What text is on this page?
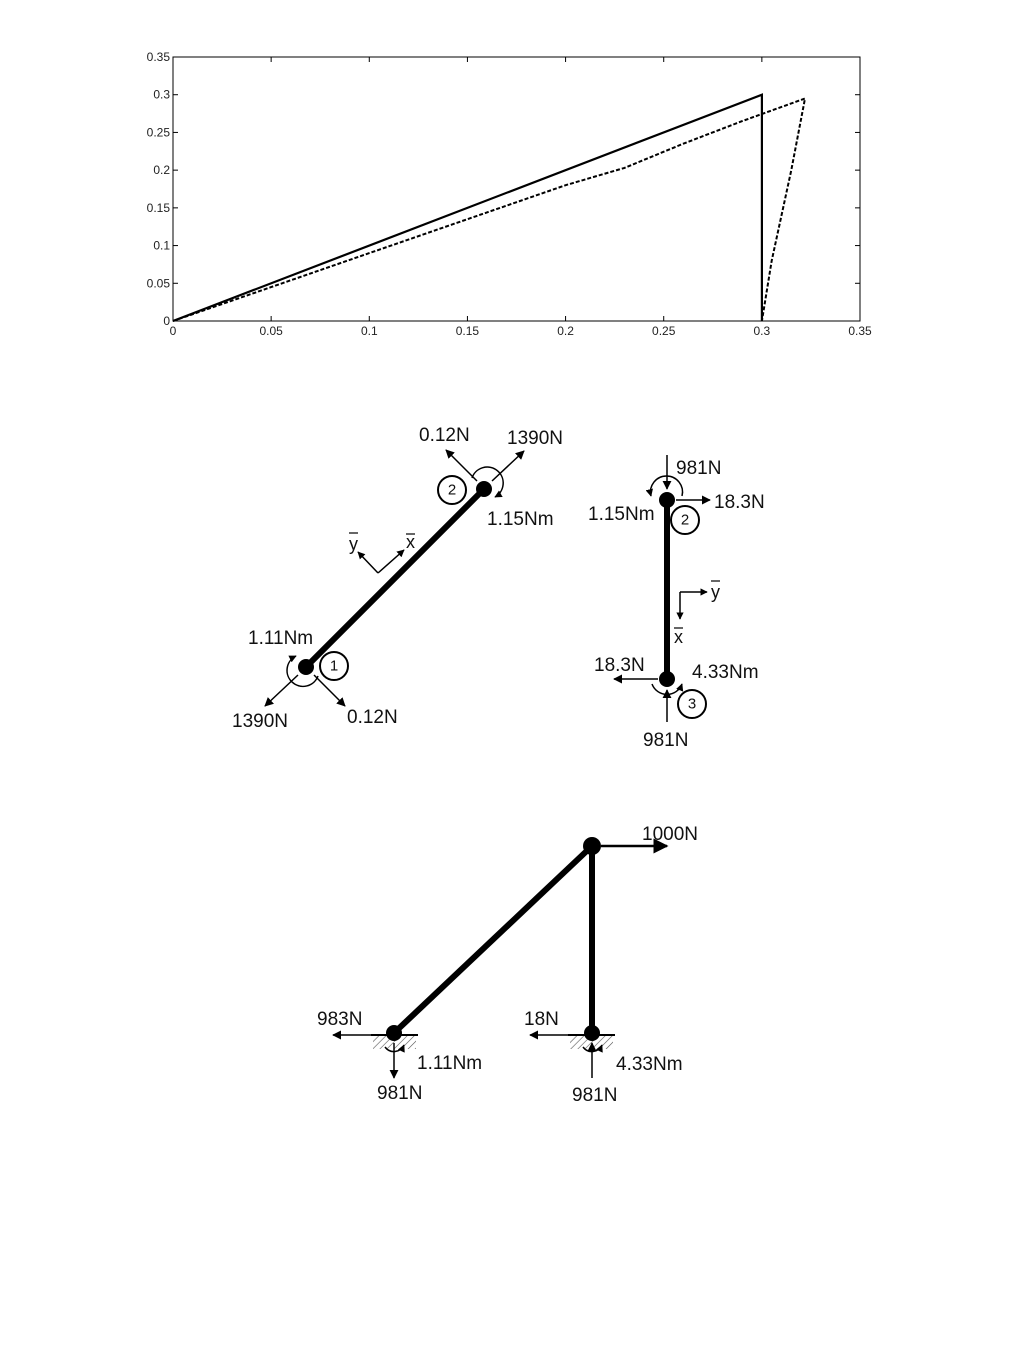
0	0.05	0.1	0.15	0.2	0.25	0.3	0.35
0
0.05
0.1
0.15
0.2
0.25
0.3
0.35
0.12N 1390N
1.15Nm
2
y	x
1.11Nm
1390N	0.12N
1
981N
18.3N
1.15Nm 2
y
x
18.3N 4.33Nm
981N
3
1000N
983N
1.11Nm
981N
18N
4.33Nm
981N
